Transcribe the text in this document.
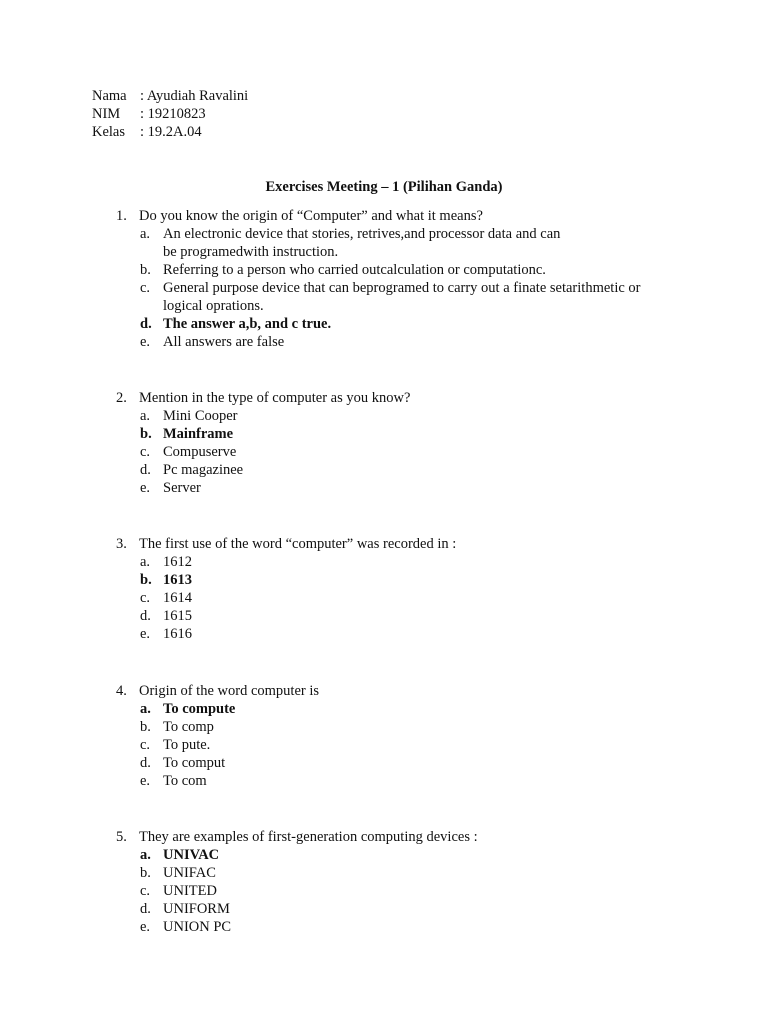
Nama : Ayudiah Ravalini
NIM : 19210823
Kelas : 19.2A.04
Exercises Meeting – 1 (Pilihan Ganda)
1. Do you know the origin of “Computer” and what it means?
a. An electronic device that stories, retrives,and processor data and can
be programedwith instruction.
b. Referring to a person who carried outcalculation or computationc.
c. General purpose device that can beprogramed to carry out a finate setarithmetic or
logical oprations.
d. The answer a,b, and c true.
e. All answers are false
2. Mention in the type of computer as you know?
a. Mini Cooper
b. Mainframe
c. Compuserve
d. Pc magazinee
e. Server
3. The first use of the word “computer” was recorded in :
a. 1612
b. 1613
c. 1614
d. 1615
e. 1616
4. Origin of the word computer is
a. To compute
b. To comp
c. To pute.
d. To comput
e. To com
5. They are examples of first-generation computing devices :
a. UNIVAC
b. UNIFAC
c. UNITED
d. UNIFORM
e. UNION PC
